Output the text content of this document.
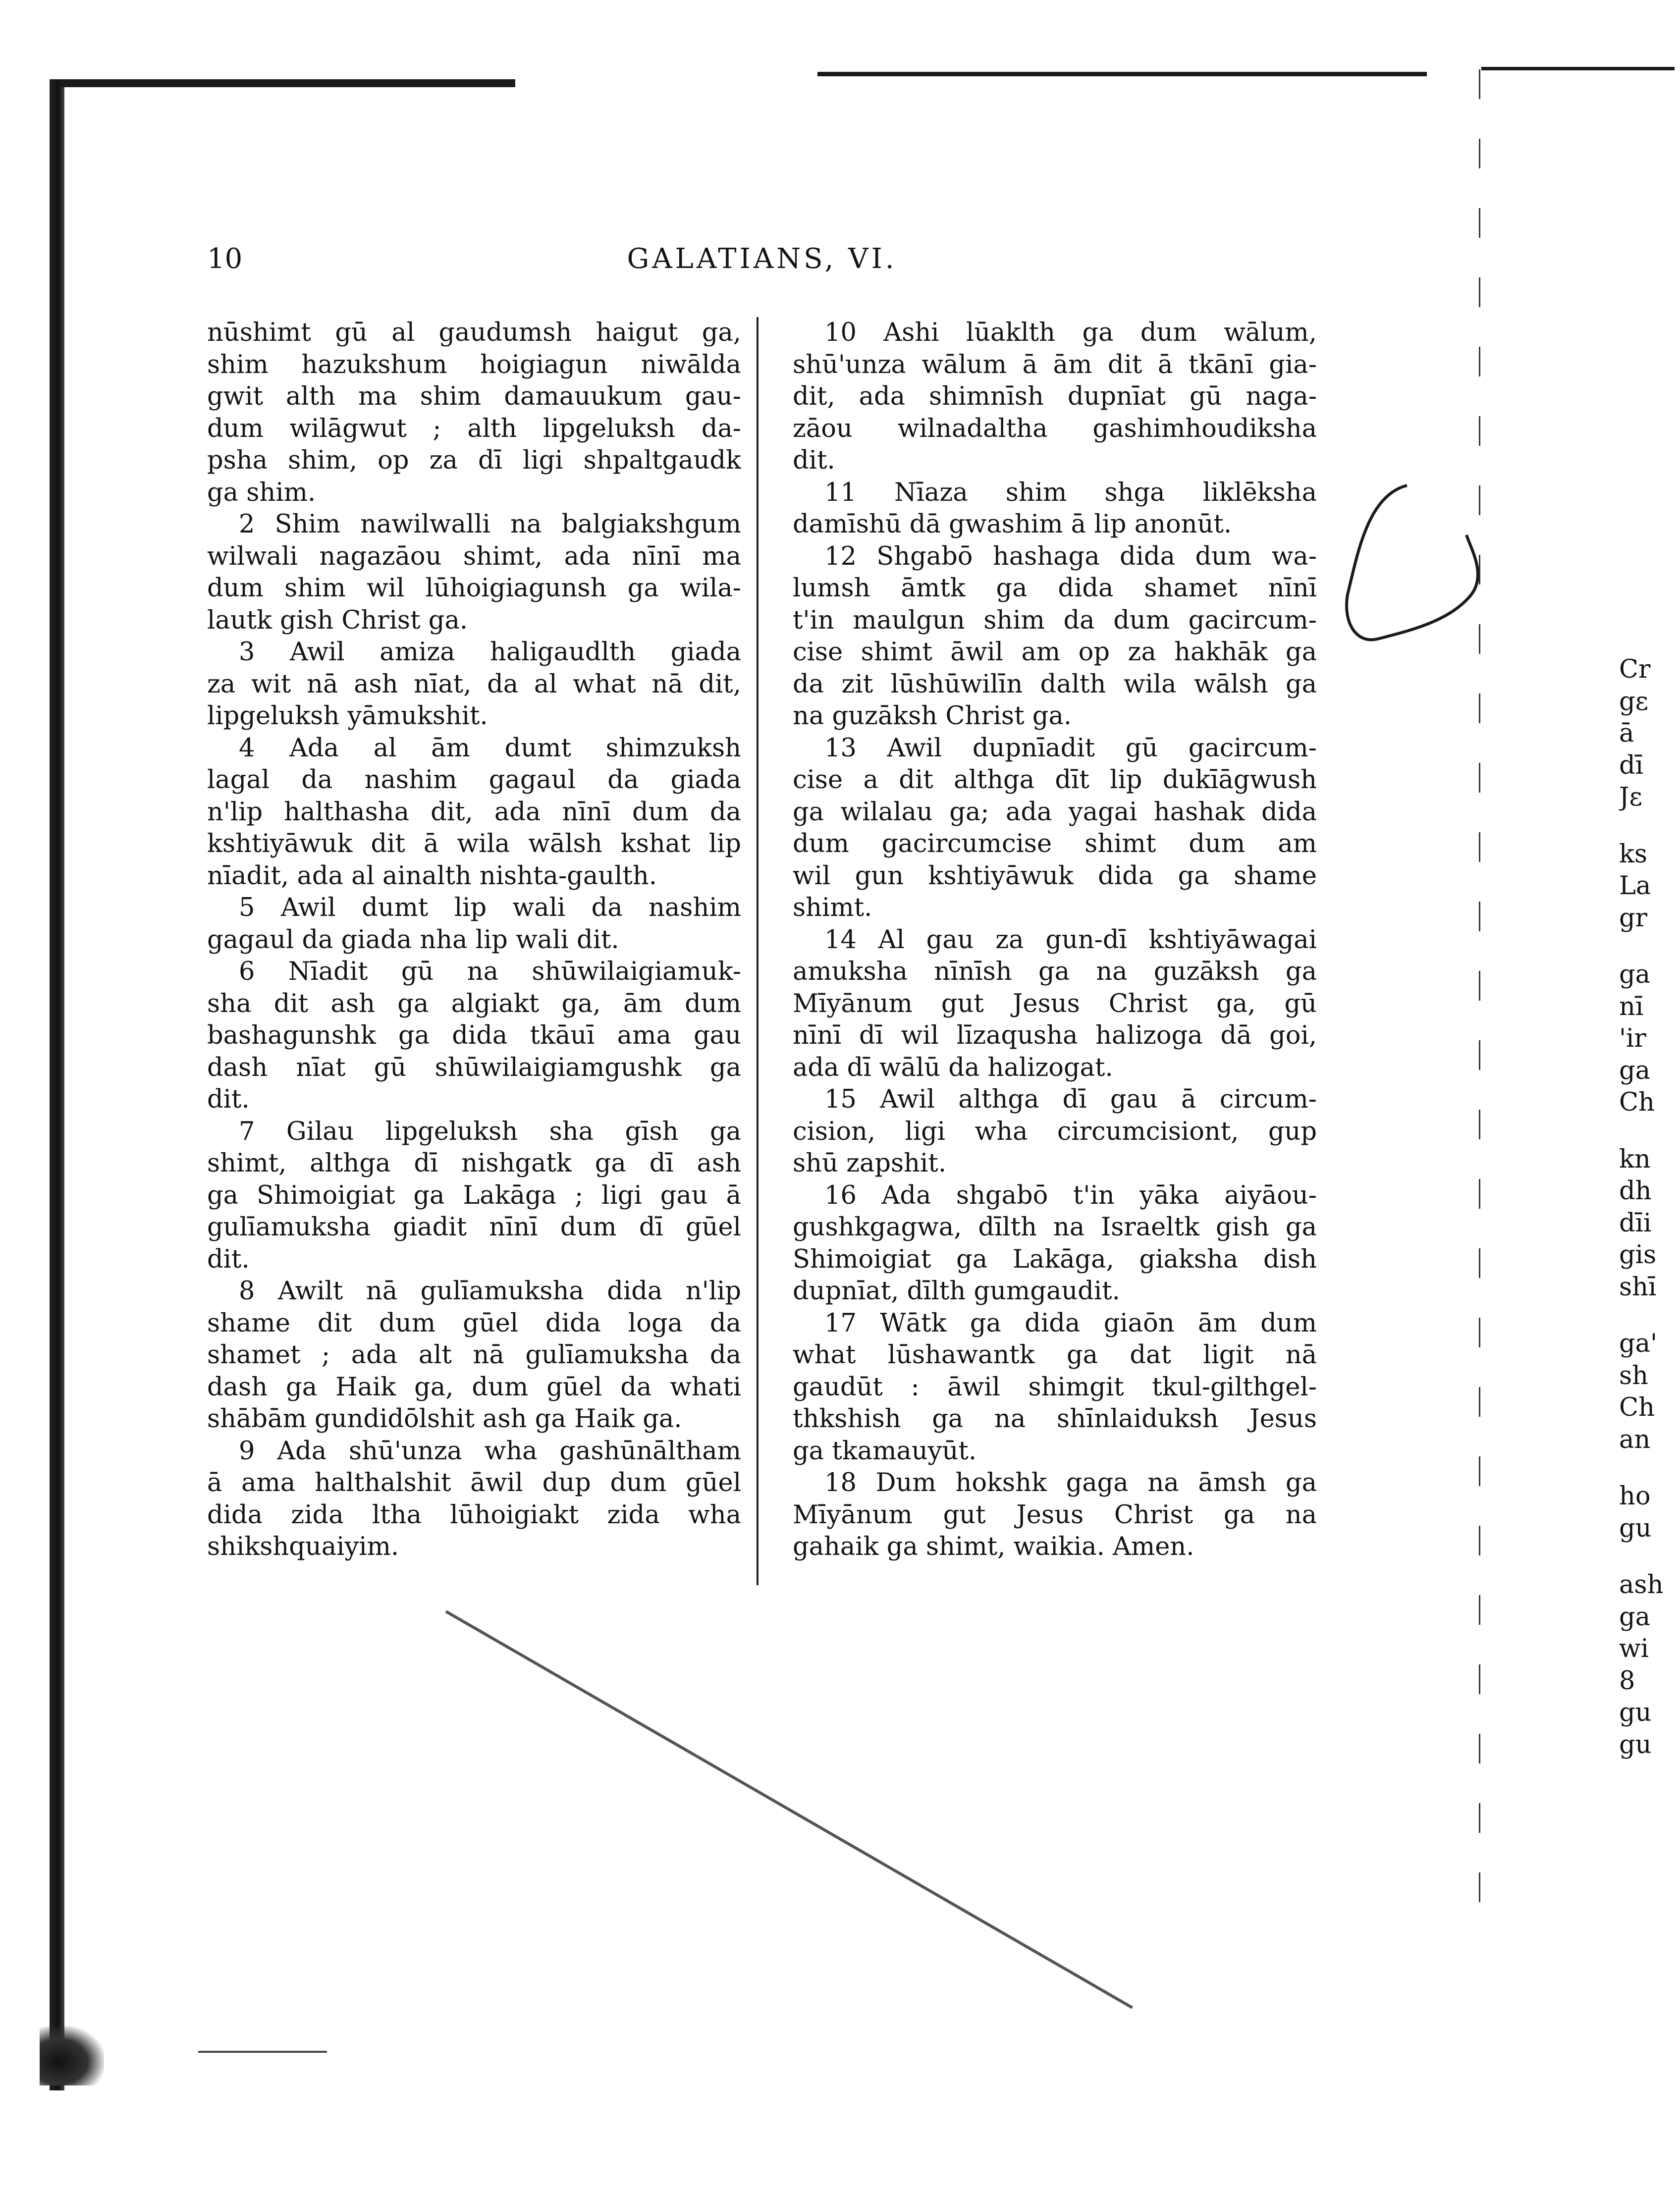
10	GALATIANS, VI.
nūshimt gū al gaudumsh haigut ga,
shim hazukshum hoigiagun niwālda
gwit alth ma shim damauukum gau-
dum wilāgwut ; alth lipgeluksh da-
psha shim, op za dī ligi shpaltgaudk
ga shim.
2 Shim nawilwalli na balgiakshgum
wilwali nagazāou shimt, ada nīnī ma
dum shim wil lūhoigiagunsh ga wila-
lautk gish Christ ga.
3 Awil amiza haligaudlth giada
za wit nā ash nīat, da al what nā dit,
lipgeluksh yāmukshit.
4 Ada al ām dumt shimzuksh
lagal da nashim gagaul da giada
n'lip halthasha dit, ada nīnī dum da
kshtiyāwuk dit ā wila wālsh kshat lip
nīadit, ada al ainalth nishta-gaulth.
5 Awil dumt lip wali da nashim
gagaul da giada nha lip wali dit.
6 Nīadit gū na shūwilaigiamuk-
sha dit ash ga algiakt ga, ām dum
bashagunshk ga dida tkāuī ama gau
dash nīat gū shūwilaigiamgushk ga
dit.
7 Gilau lipgeluksh sha gīsh ga
shimt, althga dī nishgatk ga dī ash
ga Shimoigiat ga Lakāga ; ligi gau ā
gulīamuksha giadit nīnī dum dī gūel
dit.
8 Awilt nā gulīamuksha dida n'lip
shame dit dum gūel dida loga da
shamet ; ada alt nā gulīamuksha da
dash ga Haik ga, dum gūel da whati
shābām gundidōlshit ash ga Haik ga.
9 Ada shū'unza wha gashūnāltham
ā ama halthalshit āwil dup dum gūel
dida zida ltha lūhoigiakt zida wha
shikshquaiyim.
10 Ashi lūaklth ga dum wālum,
shū'unza wālum ā ām dit ā tkānī gia-
dit, ada shimnīsh dupnīat gū naga-
zāou wilnadaltha gashimhoudiksha
dit.
11 Nīaza shim shga liklēksha
damīshū dā gwashim ā lip anonūt.
12 Shgabō hashaga dida dum wa-
lumsh āmtk ga dida shamet nīnī
t'in maulgun shim da dum gacircum-
cise shimt āwil am op za hakhāk ga
da zit lūshūwilīn dalth wila wālsh ga
na guzāksh Christ ga.
13 Awil dupnīadit gū gacircum-
cise a dit althga dīt lip dukīāgwush
ga wilalau ga; ada yagai hashak dida
dum gacircumcise shimt dum am
wil gun kshtiyāwuk dida ga shame
shimt.
14 Al gau za gun-dī kshtiyāwagai
amuksha nīnīsh ga na guzāksh ga
Mīyānum gut Jesus Christ ga, gū
nīnī dī wil līzaqusha halizoga dā goi,
ada dī wālū da halizogat.
15 Awil althga dī gau ā circum-
cision, ligi wha circumcisiont, gup
shū zapshit.
16 Ada shgabō t'in yāka aiyāou-
gushkgagwa, dīlth na Israeltk gish ga
Shimoigiat ga Lakāga, giaksha dish
dupnīat, dīlth gumgaudit.
17 Wātk ga dida giaōn ām dum
what lūshawantk ga dat ligit nā
gaudūt : āwil shimgit tkul-gilthgel-
thkshish ga na shīnlaiduksh Jesus
ga tkamauyūt.
18 Dum hokshk gaga na āmsh ga
Mīyānum gut Jesus Christ ga na
gahaik ga shimt, waikia. Amen.
Cr
gε
ā
dī
Jε
ks
La
gr
ga
nī
'ir
ga
Ch
kn
dh
dīi
gis
shī
ga'
sh
Ch
an
ho
gu
ash
ga
wi
8
gu
gu
